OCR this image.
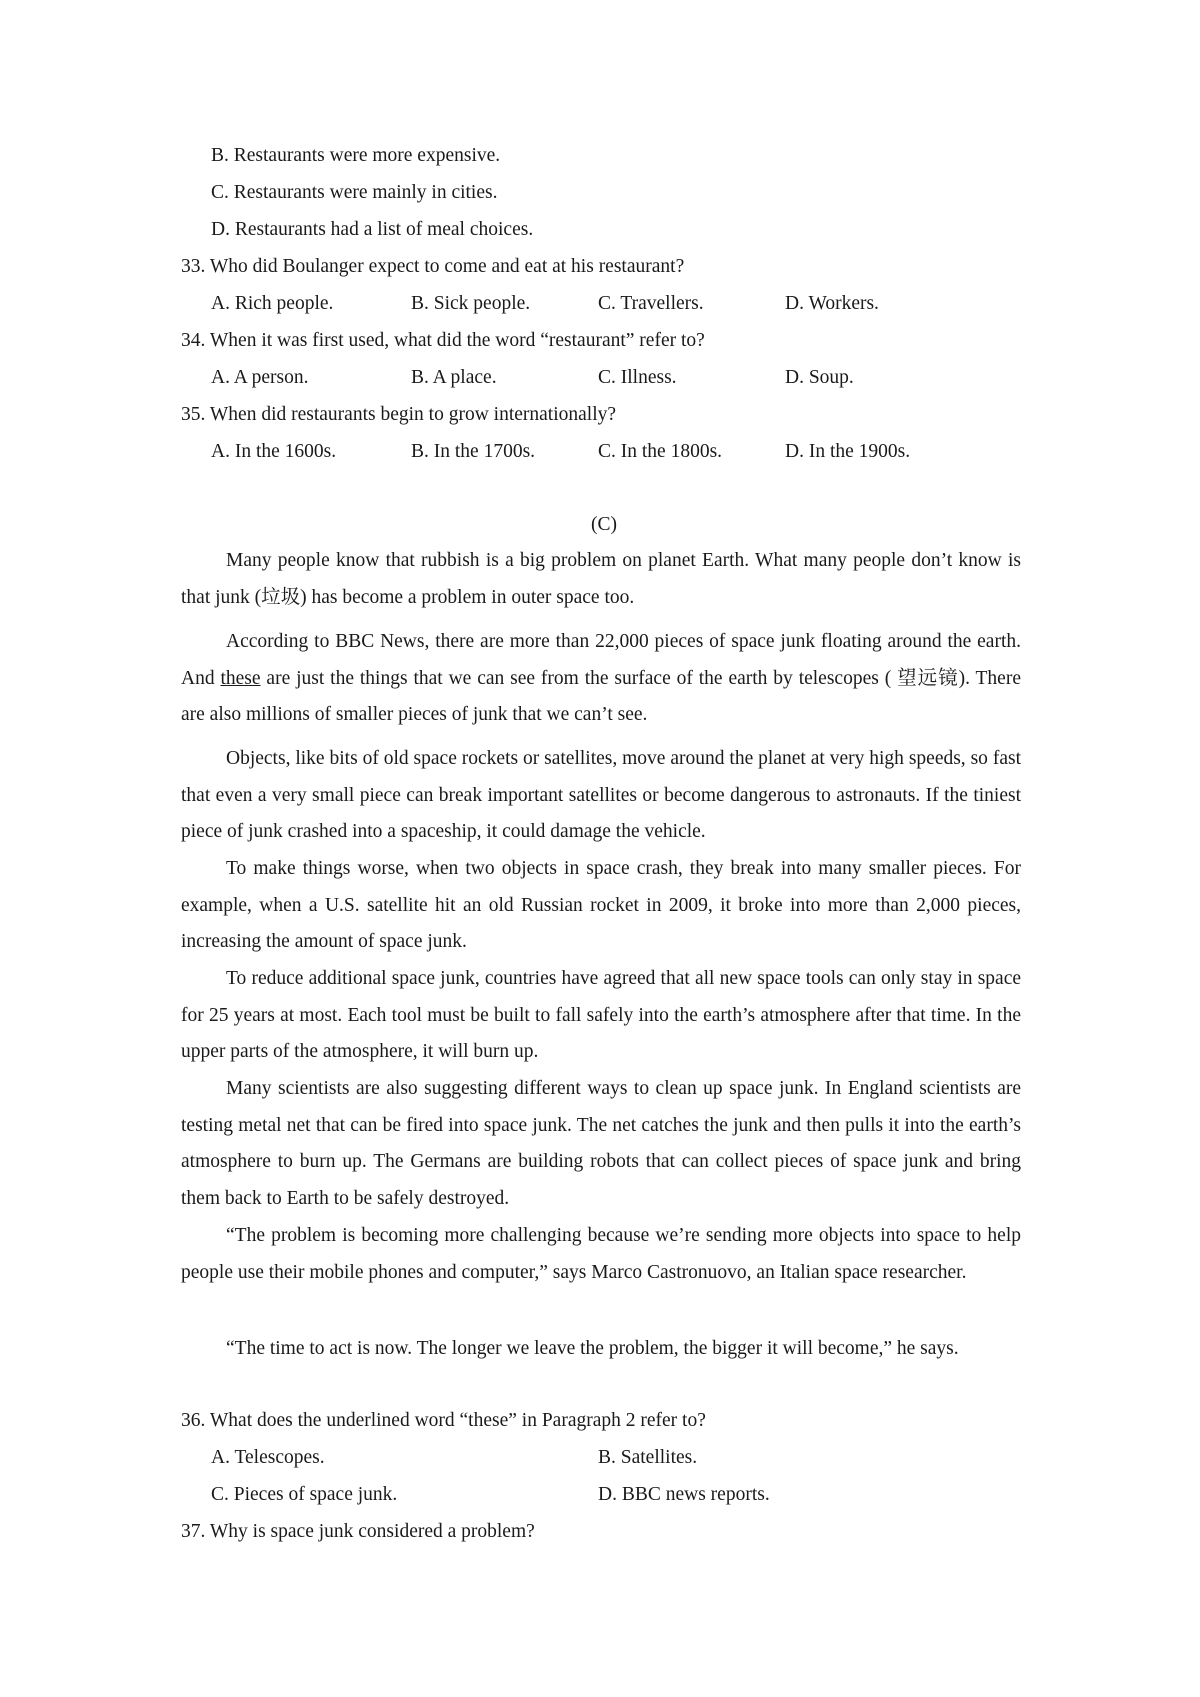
B. Restaurants were more expensive.
C. Restaurants were mainly in cities.
D. Restaurants had a list of meal choices.
33. Who did Boulanger expect to come and eat at his restaurant?
A. Rich people.	B. Sick people.	C. Travellers.	D. Workers.
34. When it was first used, what did the word “restaurant” refer to?
A. A person.	B. A place.	C. Illness.	D. Soup.
35. When did restaurants begin to grow internationally?
A. In the 1600s.	B. In the 1700s.	C. In the 1800s.	D. In the 1900s.
(C)

Many people know that rubbish is a big problem on planet Earth. What many people don’t know is that junk (垃圾) has become a problem in outer space too.

According to BBC News, there are more than 22,000 pieces of space junk floating around the earth. And these are just the things that we can see from the surface of the earth by telescopes ( 望远镜). There are also millions of smaller pieces of junk that we can’t see.

Objects, like bits of old space rockets or satellites, move around the planet at very high speeds, so fast that even a very small piece can break important satellites or become dangerous to astronauts. If the tiniest piece of junk crashed into a spaceship, it could damage the vehicle.

To make things worse, when two objects in space crash, they break into many smaller pieces. For example, when a U.S. satellite hit an old Russian rocket in 2009, it broke into more than 2,000 pieces, increasing the amount of space junk.

To reduce additional space junk, countries have agreed that all new space tools can only stay in space for 25 years at most. Each tool must be built to fall safely into the earth’s atmosphere after that time. In the upper parts of the atmosphere, it will burn up.

Many scientists are also suggesting different ways to clean up space junk. In England scientists are testing metal net that can be fired into space junk. The net catches the junk and then pulls it into the earth’s atmosphere to burn up. The Germans are building robots that can collect pieces of space junk and bring them back to Earth to be safely destroyed.

“The problem is becoming more challenging because we’re sending more objects into space to help people use their mobile phones and computer,” says Marco Castronuovo, an Italian space researcher.

“The time to act is now. The longer we leave the problem, the bigger it will become,” he says.
36. What does the underlined word “these” in Paragraph 2 refer to?
A. Telescopes.	B. Satellites.
C. Pieces of space junk.	D. BBC news reports.
37. Why is space junk considered a problem?
